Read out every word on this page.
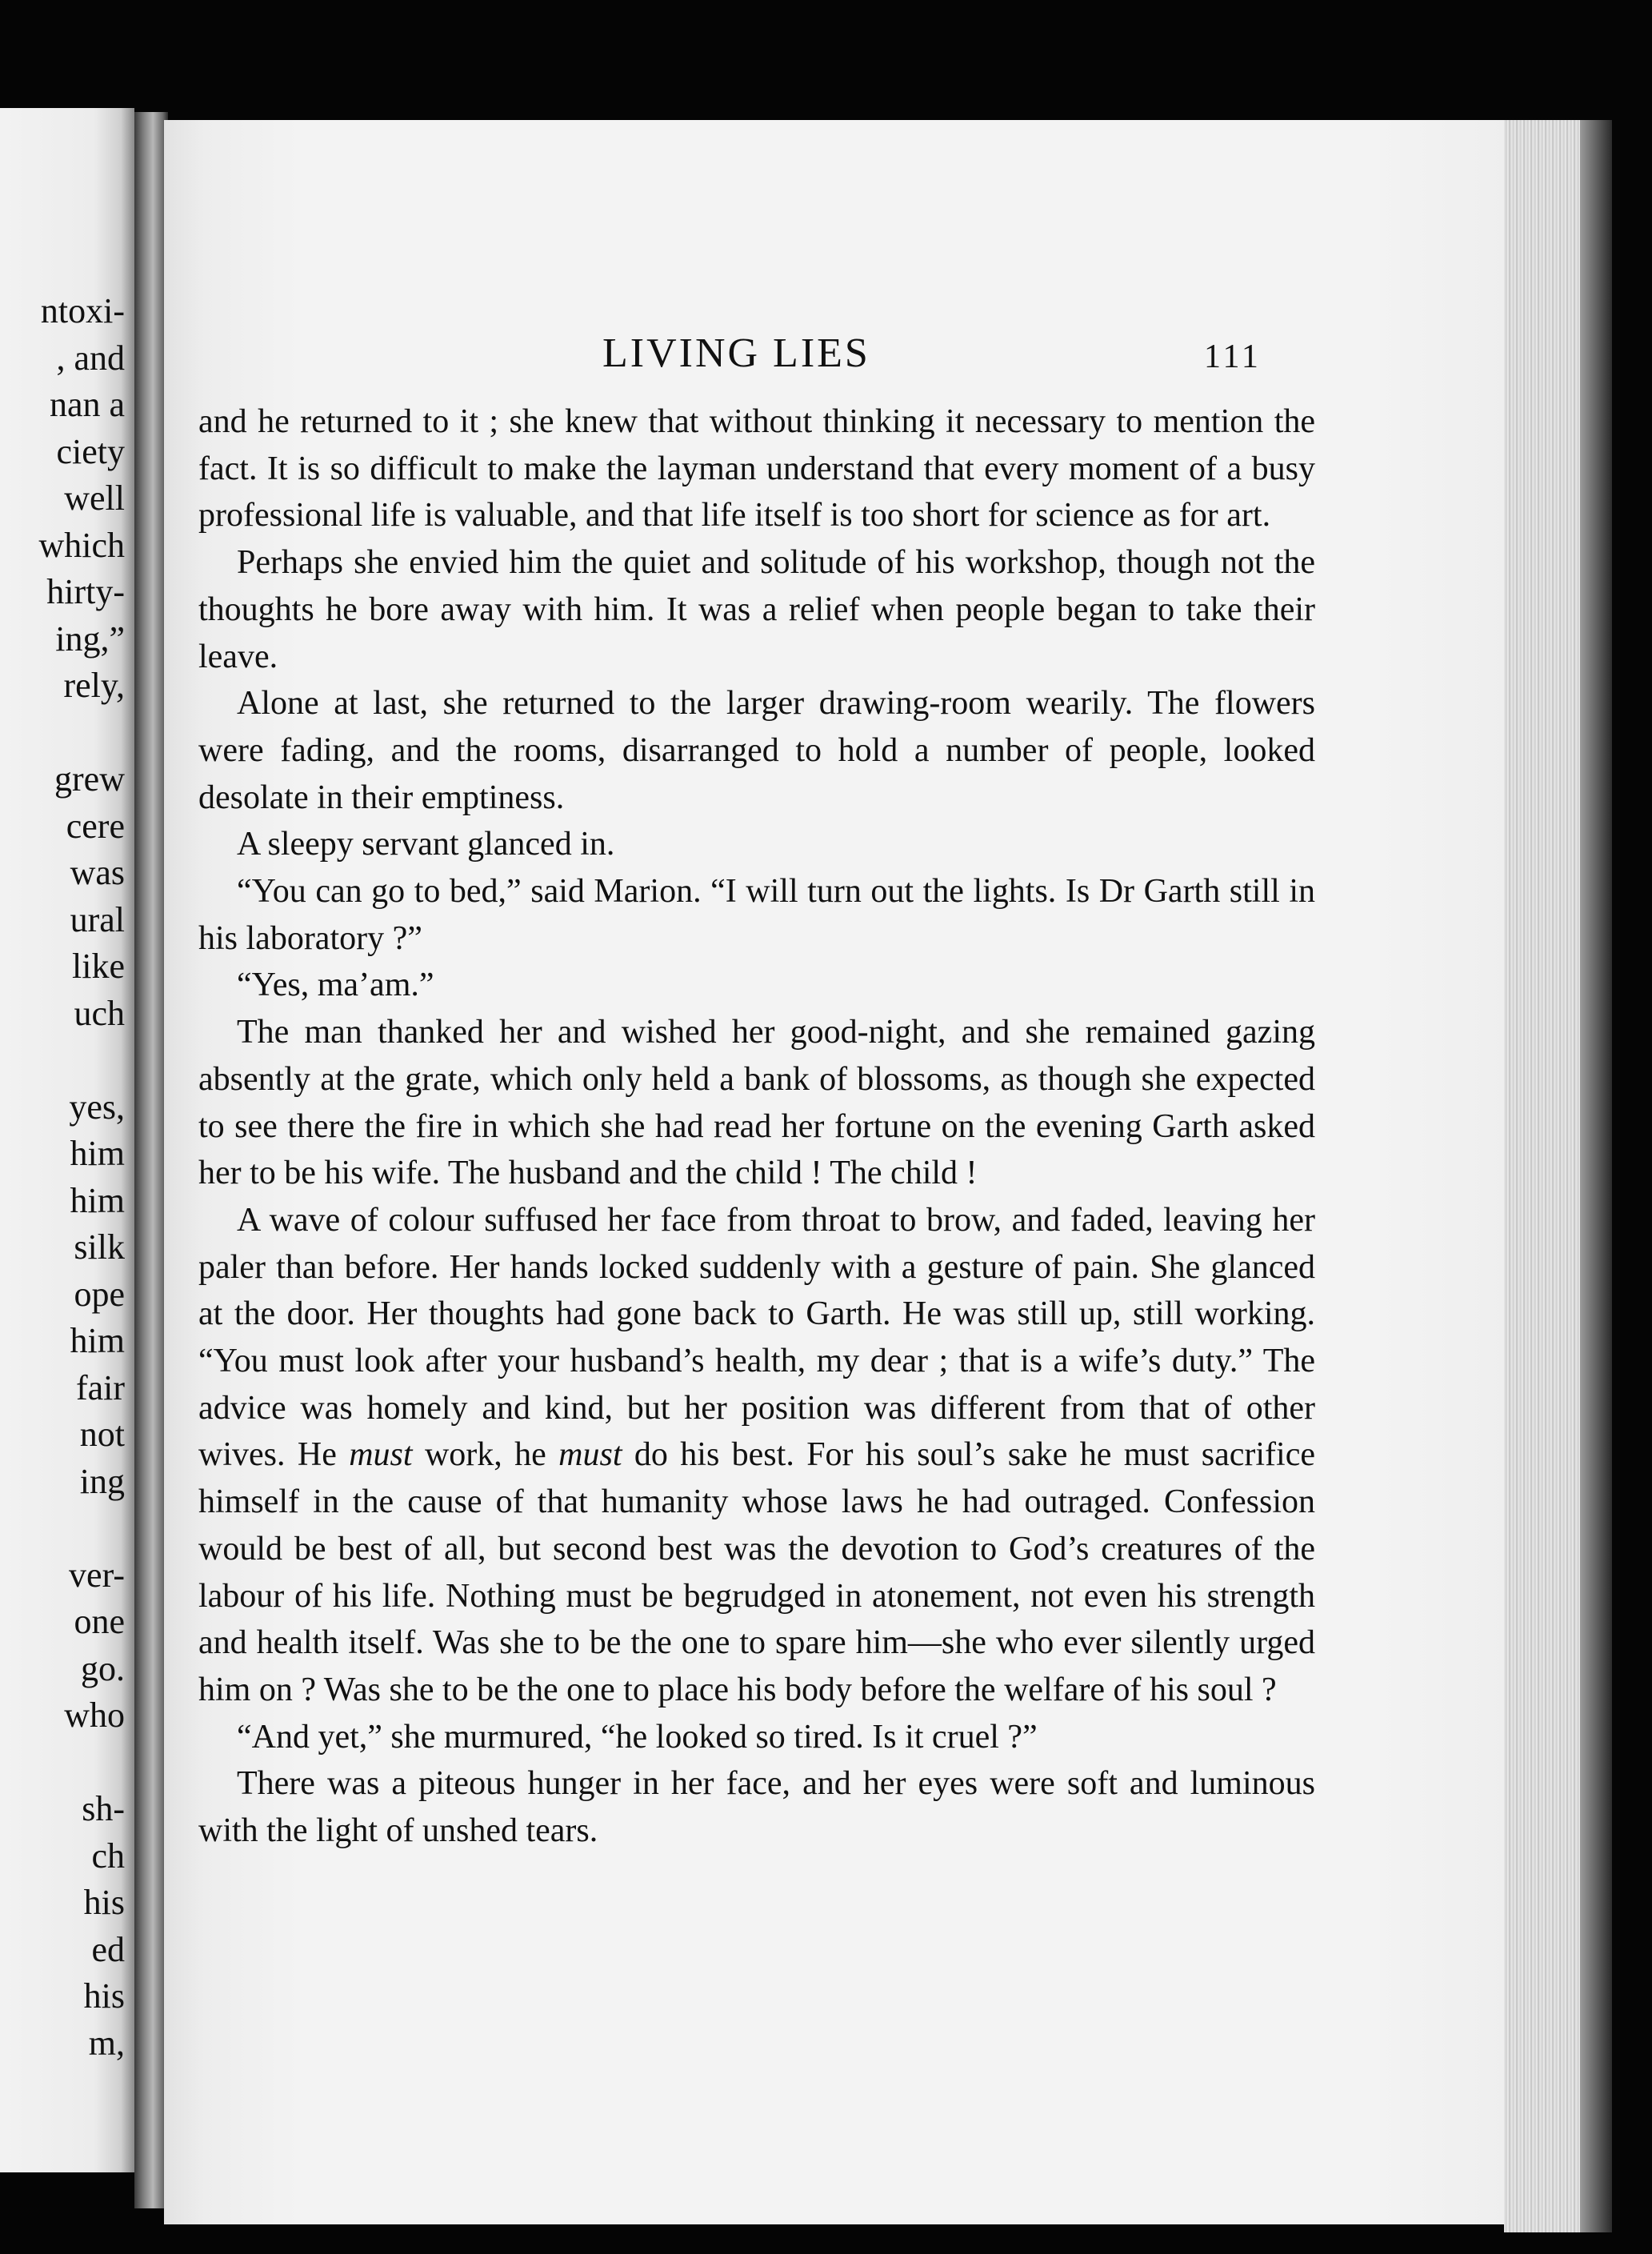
ntoxi-
, and
nan a
ciety
well
which
hirty-
ing,”
rely,

grew
cere
was
ural
like
uch

yes,
him
him
silk
ope
him
fair
not
ing

ver-
one
go.
who

sh-
ch
his
ed
his
m,
LIVING LIES	111

and he returned to it ; she knew that without thinking it necessary to mention the fact. It is so difficult to make the layman understand that every moment of a busy professional life is valuable, and that life itself is too short for science as for art.

Perhaps she envied him the quiet and solitude of his workshop, though not the thoughts he bore away with him. It was a relief when people began to take their leave.

Alone at last, she returned to the larger drawing-room wearily. The flowers were fading, and the rooms, disarranged to hold a number of people, looked desolate in their emptiness.

A sleepy servant glanced in.

“You can go to bed,” said Marion. “I will turn out the lights. Is Dr Garth still in his laboratory ?”

“Yes, ma’am.”

The man thanked her and wished her good-night, and she remained gazing absently at the grate, which only held a bank of blossoms, as though she expected to see there the fire in which she had read her fortune on the evening Garth asked her to be his wife. The husband and the child ! The child !

A wave of colour suffused her face from throat to brow, and faded, leaving her paler than before. Her hands locked suddenly with a gesture of pain. She glanced at the door. Her thoughts had gone back to Garth. He was still up, still working. “You must look after your husband’s health, my dear ; that is a wife’s duty.” The advice was homely and kind, but her position was different from that of other wives. He must work, he must do his best. For his soul’s sake he must sacrifice himself in the cause of that humanity whose laws he had outraged. Confession would be best of all, but second best was the devotion to God’s creatures of the labour of his life. Nothing must be begrudged in atonement, not even his strength and health itself. Was she to be the one to spare him—she who ever silently urged him on ? Was she to be the one to place his body before the welfare of his soul ?

“And yet,” she murmured, “he looked so tired. Is it cruel ?”

There was a piteous hunger in her face, and her eyes were soft and luminous with the light of unshed tears.
